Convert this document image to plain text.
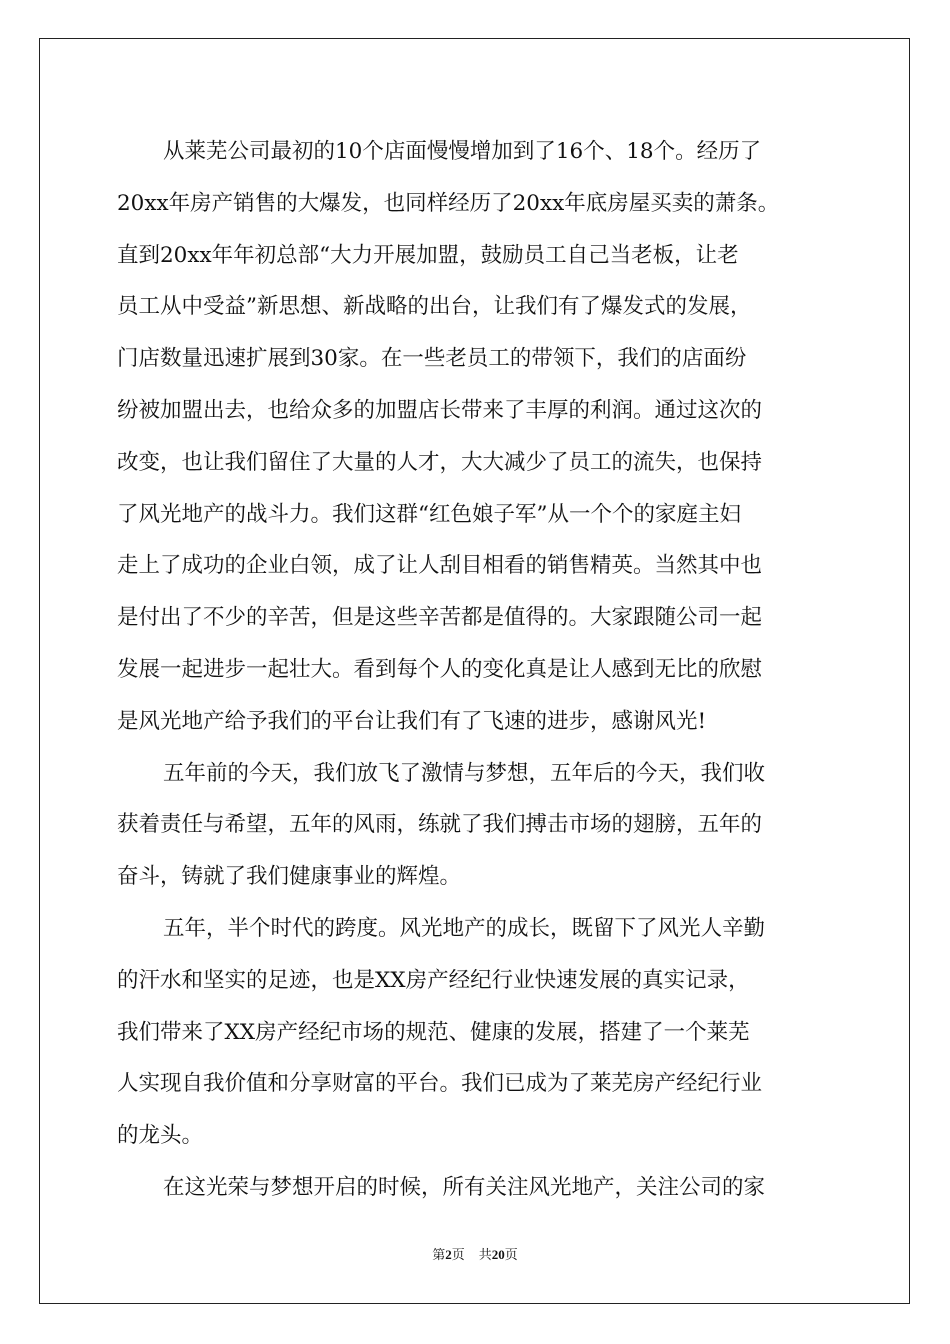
从莱芜公司最初的10个店面慢慢增加到了16个、18个。经历了
20xx年房产销售的大爆发，也同样经历了20xx年底房屋买卖的萧条。
直到20xx年年初总部“大力开展加盟，鼓励员工自己当老板，让老
员工从中受益”新思想、新战略的出台，让我们有了爆发式的发展，
门店数量迅速扩展到30家。在一些老员工的带领下，我们的店面纷
纷被加盟出去，也给众多的加盟店长带来了丰厚的利润。通过这次的
改变，也让我们留住了大量的人才，大大减少了员工的流失，也保持
了风光地产的战斗力。我们这群“红色娘子军”从一个个的家庭主妇
走上了成功的企业白领，成了让人刮目相看的销售精英。当然其中也
是付出了不少的辛苦，但是这些辛苦都是值得的。大家跟随公司一起
发展一起进步一起壮大。看到每个人的变化真是让人感到无比的欣慰
是风光地产给予我们的平台让我们有了飞速的进步，感谢风光!
五年前的今天，我们放飞了激情与梦想，五年后的今天，我们收
获着责任与希望，五年的风雨，练就了我们搏击市场的翅膀，五年的
奋斗，铸就了我们健康事业的辉煌。
五年，半个时代的跨度。风光地产的成长，既留下了风光人辛勤
的汗水和坚实的足迹，也是XX房产经纪行业快速发展的真实记录，
我们带来了XX房产经纪市场的规范、健康的发展，搭建了一个莱芜
人实现自我价值和分享财富的平台。我们已成为了莱芜房产经纪行业
的龙头。
在这光荣与梦想开启的时候，所有关注风光地产，关注公司的家
第2页 共20页
